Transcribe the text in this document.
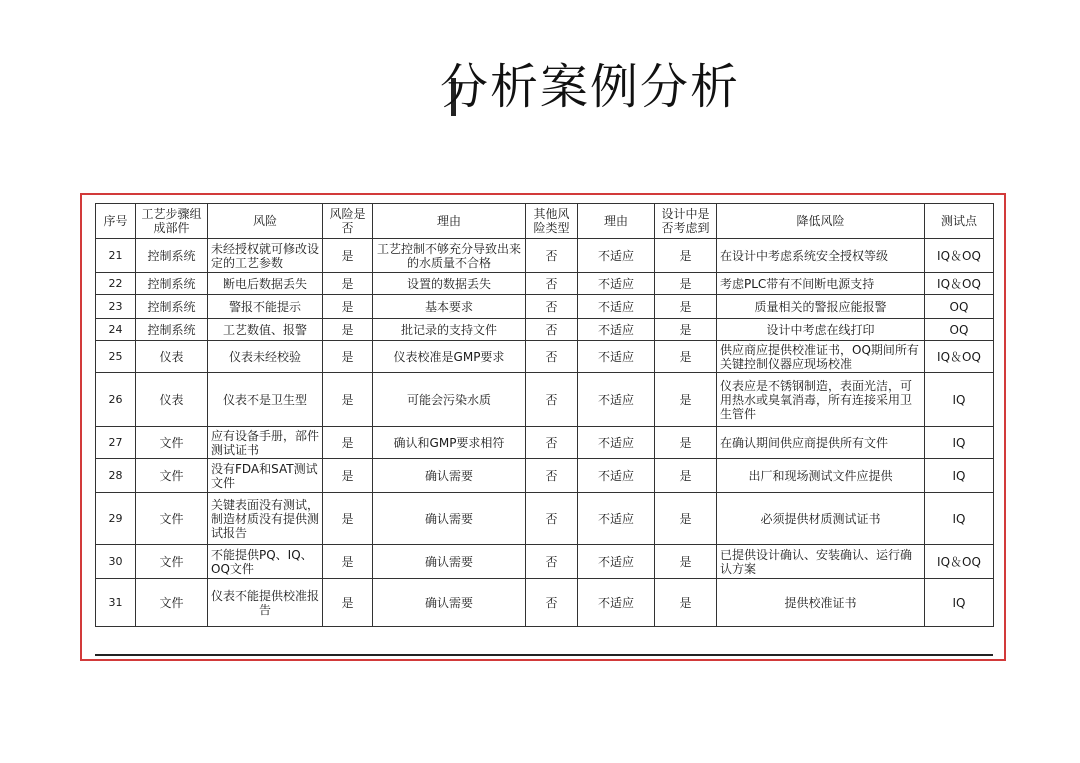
分析案例分析
序号	工艺步骤组成部件	风险	风险是否	理由	其他风险类型	理由	设计中是否考虑到	降低风险	测试点
21	控制系统	未经授权就可修改设定的工艺参数	是	工艺控制不够充分导致出来的水质量不合格	否	不适应	是	在设计中考虑系统安全授权等级	IQ＆OQ
22	控制系统	断电后数据丢失	是	设置的数据丢失	否	不适应	是	考虑PLC带有不间断电源支持	IQ＆OQ
23	控制系统	警报不能提示	是	基本要求	否	不适应	是	质量相关的警报应能报警	OQ
24	控制系统	工艺数值、报警	是	批记录的支持文件	否	不适应	是	设计中考虑在线打印	OQ
25	仪表	仪表未经校验	是	仪表校准是GMP要求	否	不适应	是	供应商应提供校准证书，OQ期间所有关键控制仪器应现场校准	IQ＆OQ
26	仪表	仪表不是卫生型	是	可能会污染水质	否	不适应	是	仪表应是不锈钢制造，表面光洁，可用热水或臭氧消毒，所有连接采用卫生管件	IQ
27	文件	应有设备手册，部件测试证书	是	确认和GMP要求相符	否	不适应	是	在确认期间供应商提供所有文件	IQ
28	文件	没有FDA和SAT测试文件	是	确认需要	否	不适应	是	出厂和现场测试文件应提供	IQ
29	文件	关键表面没有测试，制造材质没有提供测试报告	是	确认需要	否	不适应	是	必须提供材质测试证书	IQ
30	文件	不能提供PQ、IQ、OQ文件	是	确认需要	否	不适应	是	已提供设计确认、安装确认、运行确认方案	IQ＆OQ
31	文件	仪表不能提供校准报告	是	确认需要	否	不适应	是	提供校准证书	IQ
